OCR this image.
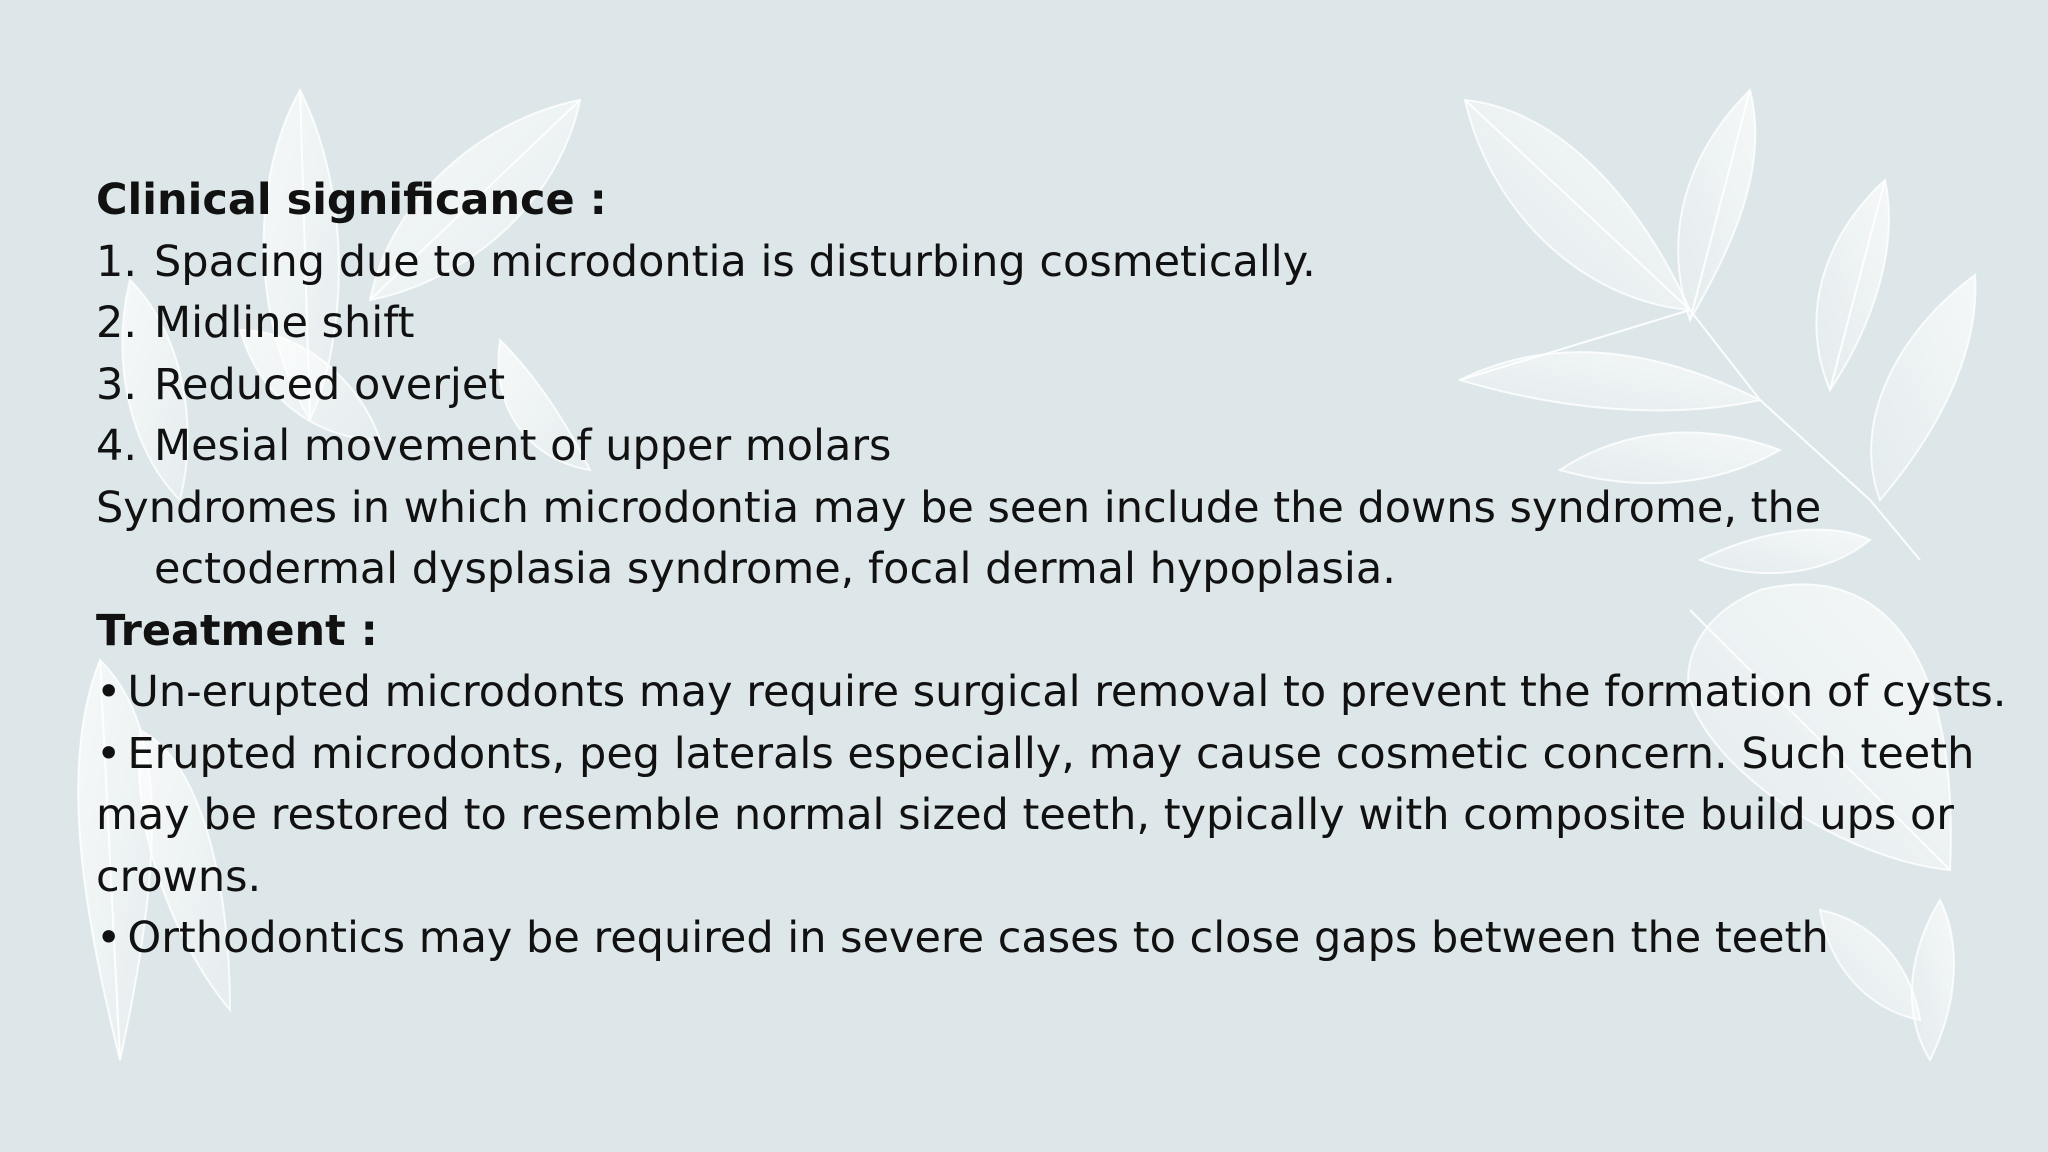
Clinical significance :

1. Spacing due to microdontia is disturbing cosmetically.

2. Midline shift

3. Reduced overjet

4. Mesial movement of upper molars

Syndromes in which microdontia may be seen include the downs syndrome, the

ectodermal dysplasia syndrome, focal dermal hypoplasia.

Treatment :

• Un-erupted microdonts may require surgical removal to prevent the formation of cysts.

• Erupted microdonts, peg laterals especially, may cause cosmetic concern. Such teeth

may be restored to resemble normal sized teeth, typically with composite build ups or

crowns.

• Orthodontics may be required in severe cases to close gaps between the teeth
